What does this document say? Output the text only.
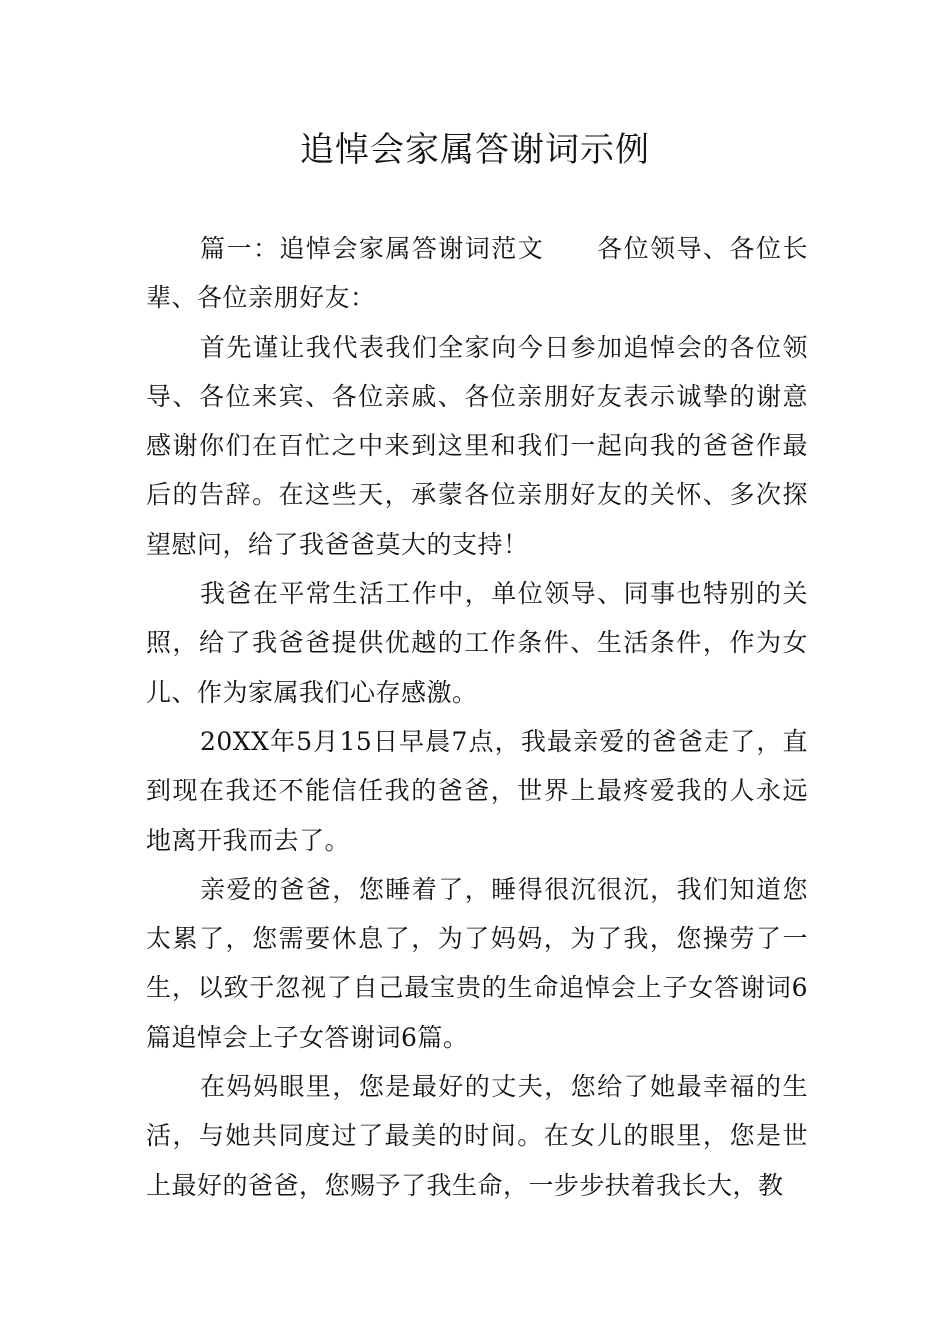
追悼会家属答谢词示例

篇一：追悼会家属答谢词范文　　各位领导、各位长辈、各位亲朋好友：

首先谨让我代表我们全家向今日参加追悼会的各位领导、各位来宾、各位亲戚、各位亲朋好友表示诚挚的谢意感谢你们在百忙之中来到这里和我们一起向我的爸爸作最后的告辞。在这些天，承蒙各位亲朋好友的关怀、多次探望慰问，给了我爸爸莫大的支持！

我爸在平常生活工作中，单位领导、同事也特别的关照，给了我爸爸提供优越的工作条件、生活条件，作为女儿、作为家属我们心存感激。

20XX年5月15日早晨7点，我最亲爱的爸爸走了，直到现在我还不能信任我的爸爸，世界上最疼爱我的人永远地离开我而去了。

亲爱的爸爸，您睡着了，睡得很沉很沉，我们知道您太累了，您需要休息了，为了妈妈，为了我，您操劳了一生，以致于忽视了自己最宝贵的生命追悼会上子女答谢词6篇追悼会上子女答谢词6篇。

在妈妈眼里，您是最好的丈夫，您给了她最幸福的生活，与她共同度过了最美的时间。在女儿的眼里，您是世上最好的爸爸，您赐予了我生命，一步步扶着我长大，教
